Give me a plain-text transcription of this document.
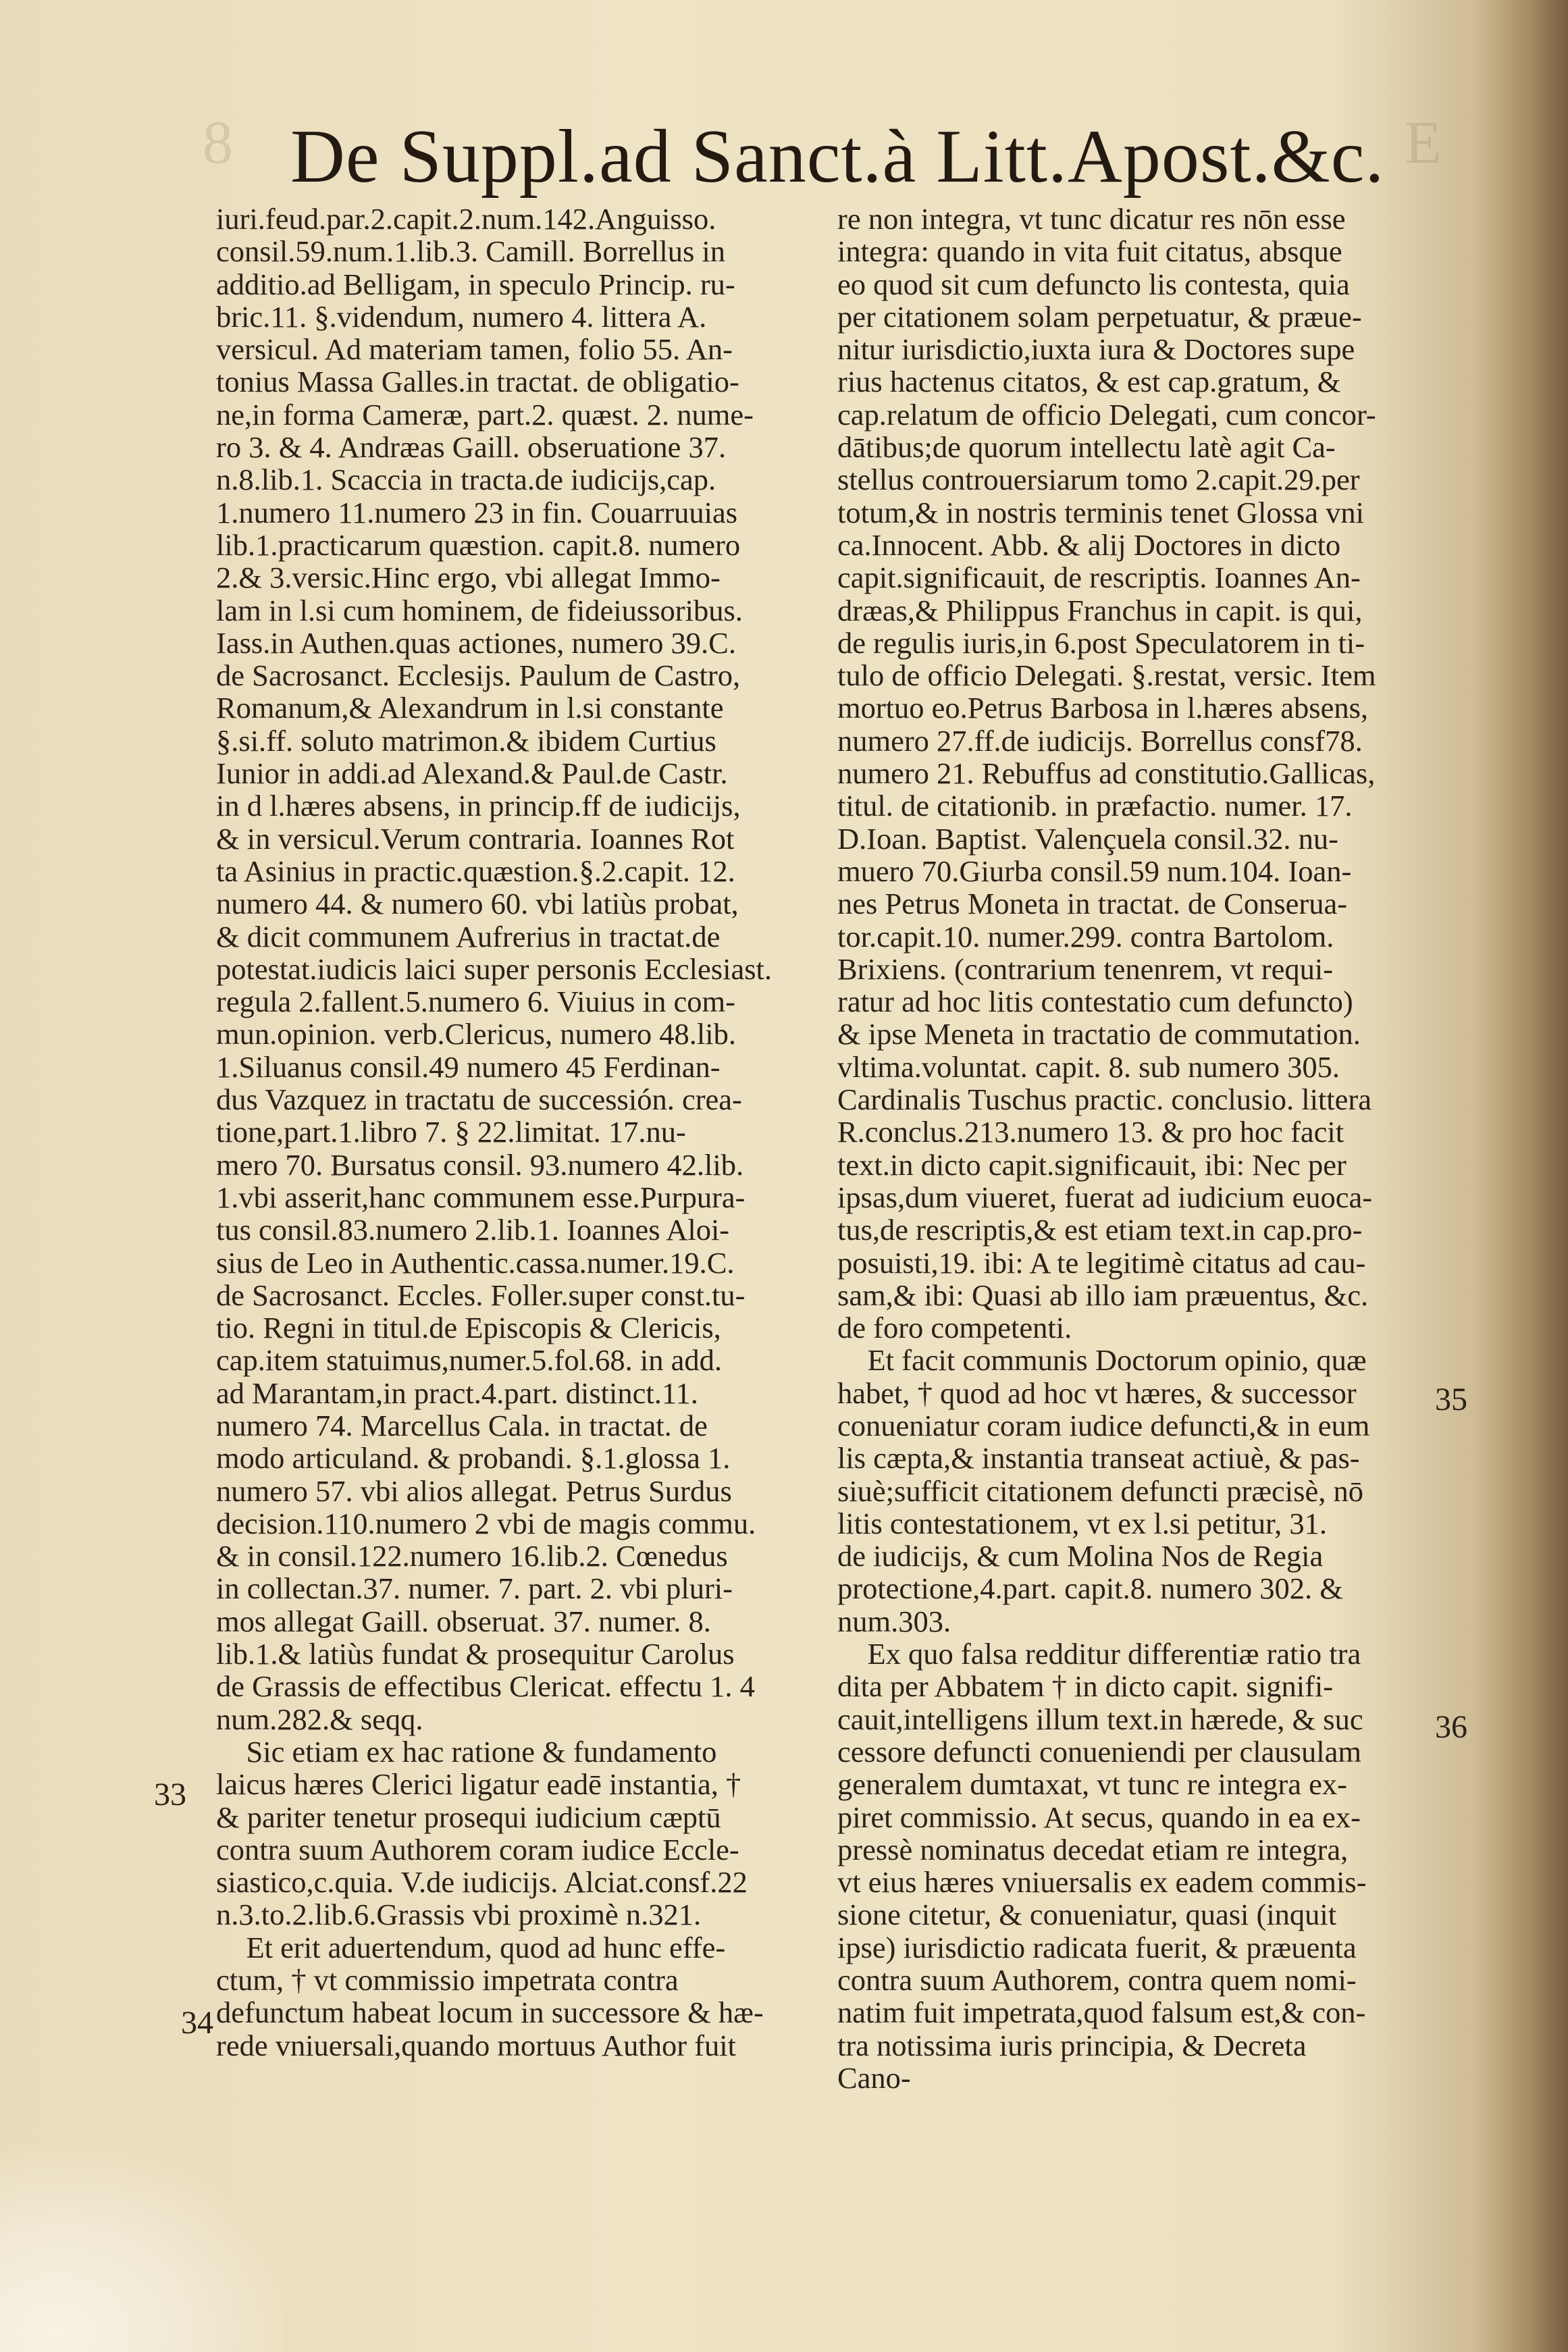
8	E
De Suppl.ad Sanct.à Litt.Apost.&c.
iuri.feud.par.2.capit.2.num.142.Anguisso.
consil.59.num.1.lib.3. Camill. Borrellus in
additio.ad Belligam, in speculo Princip. ru-
bric.11. §.videndum, numero 4. littera A.
versicul. Ad materiam tamen, folio 55. An-
tonius Massa Galles.in tractat. de obligatio-
ne,in forma Cameræ, part.2. quæst. 2. nume-
ro 3. & 4. Andræas Gaill. obseruatione 37.
n.8.lib.1. Scaccia in tracta.de iudicijs,cap.
1.numero 11.numero 23 in fin. Couarruuias
lib.1.practicarum quæstion. capit.8. numero
2.& 3.versic.Hinc ergo, vbi allegat Immo-
lam in l.si cum hominem, de fideiussoribus.
Iass.in Authen.quas actiones, numero 39.C.
de Sacrosanct. Ecclesijs. Paulum de Castro,
Romanum,& Alexandrum in l.si constante
§.si.ff. soluto matrimon.& ibidem Curtius
Iunior in addi.ad Alexand.& Paul.de Castr.
in d l.hæres absens, in princip.ff de iudicijs,
& in versicul.Verum contraria. Ioannes Rot
ta Asinius in practic.quæstion.§.2.capit. 12.
numero 44. & numero 60. vbi latiùs probat,
& dicit communem Aufrerius in tractat.de
potestat.iudicis laici super personis Ecclesiast.
regula 2.fallent.5.numero 6. Viuius in com-
mun.opinion. verb.Clericus, numero 48.lib.
1.Siluanus consil.49 numero 45 Ferdinan-
dus Vazquez in tractatu de successión. crea-
tione,part.1.libro 7. § 22.limitat. 17.nu-
mero 70. Bursatus consil. 93.numero 42.lib.
1.vbi asserit,hanc communem esse.Purpura-
tus consil.83.numero 2.lib.1. Ioannes Aloi-
sius de Leo in Authentic.cassa.numer.19.C.
de Sacrosanct. Eccles. Foller.super const.tu-
tio. Regni in titul.de Episcopis & Clericis,
cap.item statuimus,numer.5.fol.68. in add.
ad Marantam,in pract.4.part. distinct.11.
numero 74. Marcellus Cala. in tractat. de
modo articuland. & probandi. §.1.glossa 1.
numero 57. vbi alios allegat. Petrus Surdus
decision.110.numero 2 vbi de magis commu.
& in consil.122.numero 16.lib.2. Cœnedus
in collectan.37. numer. 7. part. 2. vbi pluri-
mos allegat Gaill. obseruat. 37. numer. 8.
lib.1.& latiùs fundat & prosequitur Carolus
de Grassis de effectibus Clericat. effectu 1. 4
num.282.& seqq.
Sic etiam ex hac ratione & fundamento
laicus hæres Clerici ligatur eadē instantia, †
& pariter tenetur prosequi iudicium cæptū
contra suum Authorem coram iudice Eccle-
siastico,c.quia. V.de iudicijs. Alciat.consf.22
n.3.to.2.lib.6.Grassis vbi proximè n.321.
Et erit aduertendum, quod ad hunc effe-
ctum, † vt commissio impetrata contra
defunctum habeat locum in successore & hæ-
rede vniuersali,quando mortuus Author fuit
re non integra, vt tunc dicatur res nōn esse
integra: quando in vita fuit citatus, absque
eo quod sit cum defuncto lis contesta, quia
per citationem solam perpetuatur, & præue-
nitur iurisdictio,iuxta iura & Doctores supe
rius hactenus citatos, & est cap.gratum, &
cap.relatum de officio Delegati, cum concor-
dātibus;de quorum intellectu latè agit Ca-
stellus controuersiarum tomo 2.capit.29.per
totum,& in nostris terminis tenet Glossa vni
ca.Innocent. Abb. & alij Doctores in dicto
capit.significauit, de rescriptis. Ioannes An-
dræas,& Philippus Franchus in capit. is qui,
de regulis iuris,in 6.post Speculatorem in ti-
tulo de officio Delegati. §.restat, versic. Item
mortuo eo.Petrus Barbosa in l.hæres absens,
numero 27.ff.de iudicijs. Borrellus consf78.
numero 21. Rebuffus ad constitutio.Gallicas,
titul. de citationib. in præfactio. numer. 17.
D.Ioan. Baptist. Valençuela consil.32. nu-
muero 70.Giurba consil.59 num.104. Ioan-
nes Petrus Moneta in tractat. de Conserua-
tor.capit.10. numer.299. contra Bartolom.
Brixiens. (contrarium tenenrem, vt requi-
ratur ad hoc litis contestatio cum defuncto)
& ipse Meneta in tractatio de commutation.
vltima.voluntat. capit. 8. sub numero 305.
Cardinalis Tuschus practic. conclusio. littera
R.conclus.213.numero 13. & pro hoc facit
text.in dicto capit.significauit, ibi: Nec per
ipsas,dum viueret, fuerat ad iudicium euoca-
tus,de rescriptis,& est etiam text.in cap.pro-
posuisti,19. ibi: A te legitimè citatus ad cau-
sam,& ibi: Quasi ab illo iam præuentus, &c.
de foro competenti.
Et facit communis Doctorum opinio, quæ
habet, † quod ad hoc vt hæres, & successor
conueniatur coram iudice defuncti,& in eum
lis cæpta,& instantia transeat actiuè, & pas-
siuè;sufficit citationem defuncti præcisè, nō
litis contestationem, vt ex l.si petitur, 31.
de iudicijs, & cum Molina Nos de Regia
protectione,4.part. capit.8. numero 302. &
num.303.
Ex quo falsa redditur differentiæ ratio tra
dita per Abbatem † in dicto capit. signifi-
cauit,intelligens illum text.in hærede, & suc
cessore defuncti conueniendi per clausulam
generalem dumtaxat, vt tunc re integra ex-
piret commissio. At secus, quando in ea ex-
pressè nominatus decedat etiam re integra,
vt eius hæres vniuersalis ex eadem commis-
sione citetur, & conueniatur, quasi (inquit
ipse) iurisdictio radicata fuerit, & præuenta
contra suum Authorem, contra quem nomi-
natim fuit impetrata,quod falsum est,& con-
tra notissima iuris principia, & Decreta
Cano-
33
34
35
36
